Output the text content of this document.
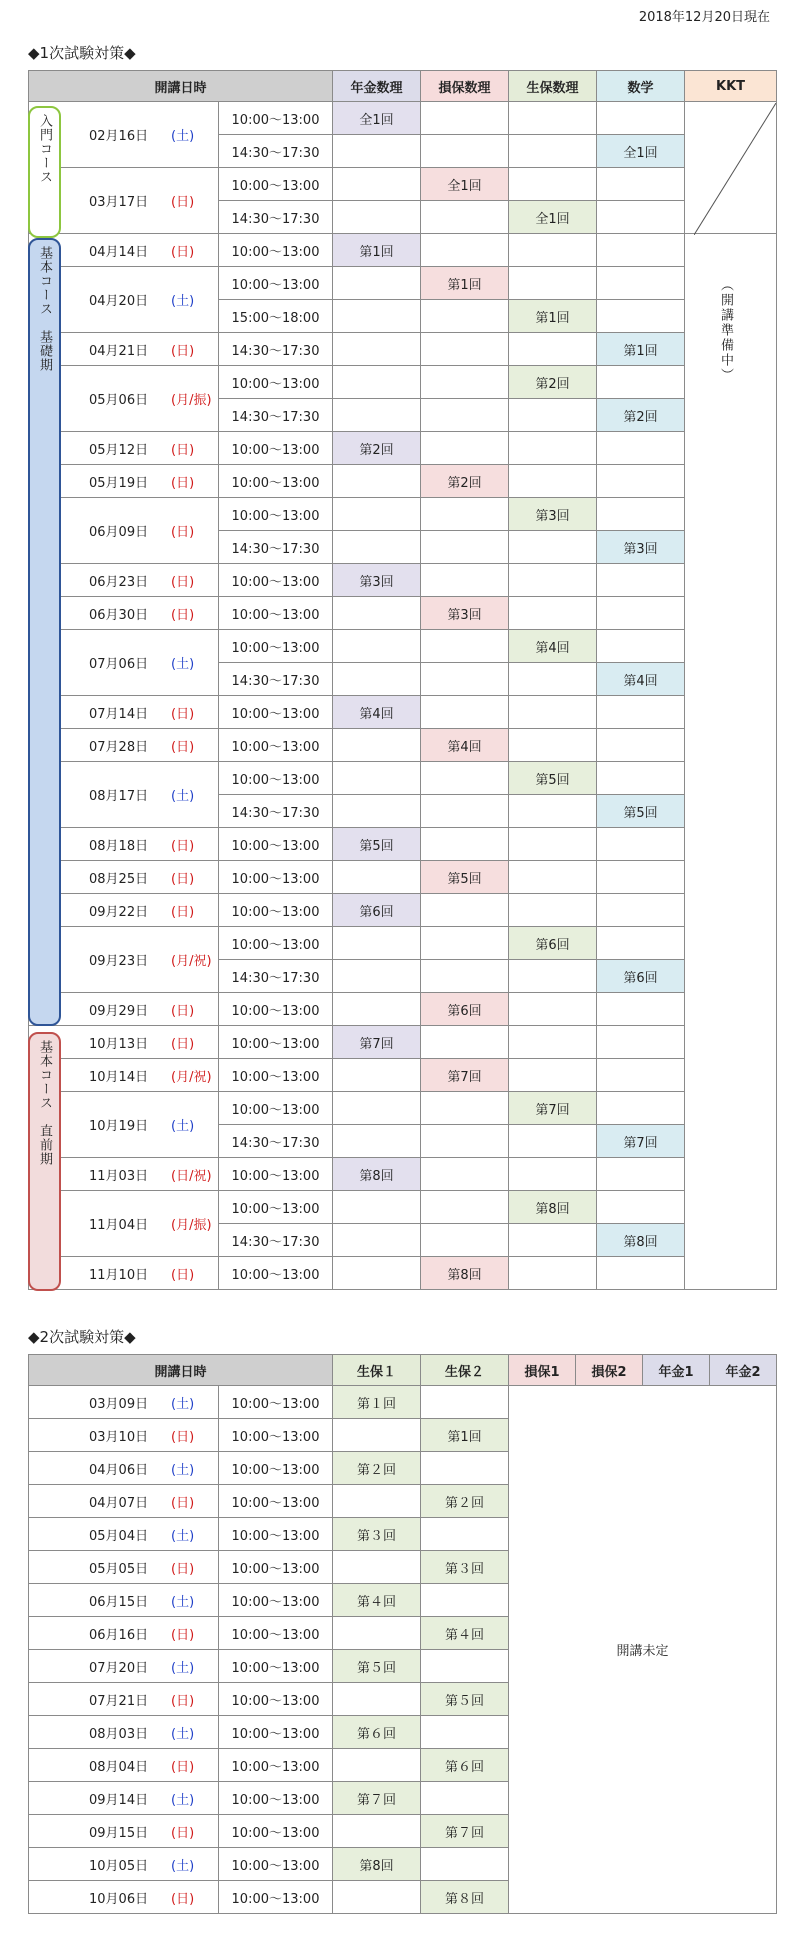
2018年12月20日現在
◆1次試験対策◆
開講日時		年金数理	損保数理	生保数理	数学	KKT
02月16日 (土)	10:00～13:00	全1回				
	14:30～17:30				全1回	
03月17日 (日)	10:00～13:00		全1回			
	14:30～17:30			全1回		
04月14日 (日)	10:00～13:00	第1回				
04月20日 (土)	10:00～13:00		第1回			
	15:00～18:00			第1回		
04月21日 (日)	14:30～17:30				第1回	
05月06日 (月/振)	10:00～13:00			第2回		
	14:30～17:30				第2回	
05月12日 (日)	10:00～13:00	第2回				
05月19日 (日)	10:00～13:00		第2回			
06月09日 (日)	10:00～13:00			第3回		
	14:30～17:30				第3回	
06月23日 (日)	10:00～13:00	第3回				
06月30日 (日)	10:00～13:00		第3回			
07月06日 (土)	10:00～13:00			第4回		
	14:30～17:30				第4回	
07月14日 (日)	10:00～13:00	第4回				
07月28日 (日)	10:00～13:00		第4回			
08月17日 (土)	10:00～13:00			第5回		
	14:30～17:30				第5回	
08月18日 (日)	10:00～13:00	第5回				
08月25日 (日)	10:00～13:00		第5回			
09月22日 (日)	10:00～13:00	第6回				
09月23日 (月/祝)	10:00～13:00			第6回		
	14:30～17:30				第6回	
09月29日 (日)	10:00～13:00		第6回			
10月13日 (日)	10:00～13:00	第7回				
10月14日 (月/祝)	10:00～13:00		第7回			
10月19日 (土)	10:00～13:00			第7回		
	14:30～17:30				第7回	
11月03日 (日/祝)	10:00～13:00	第8回				
11月04日 (月/振)	10:00～13:00			第8回		
	14:30～17:30				第8回	
11月10日 (日)	10:00～13:00		第8回			
入門コース
基本コース　基礎期
基本コース　直前期
（開講準備中）
◆2次試験対策◆
開講日時		生保１	生保２	損保1	損保2	年金1	年金2
03月09日 (土)	10:00～13:00	第１回		開講未定			
03月10日 (日)	10:00～13:00		第1回				
04月06日 (土)	10:00～13:00	第２回					
04月07日 (日)	10:00～13:00		第２回				
05月04日 (土)	10:00～13:00	第３回					
05月05日 (日)	10:00～13:00		第３回				
06月15日 (土)	10:00～13:00	第４回					
06月16日 (日)	10:00～13:00		第４回				
07月20日 (土)	10:00～13:00	第５回					
07月21日 (日)	10:00～13:00		第５回				
08月03日 (土)	10:00～13:00	第６回					
08月04日 (日)	10:00～13:00		第６回				
09月14日 (土)	10:00～13:00	第７回					
09月15日 (日)	10:00～13:00		第７回				
10月05日 (土)	10:00～13:00	第8回					
10月06日 (日)	10:00～13:00		第８回				
